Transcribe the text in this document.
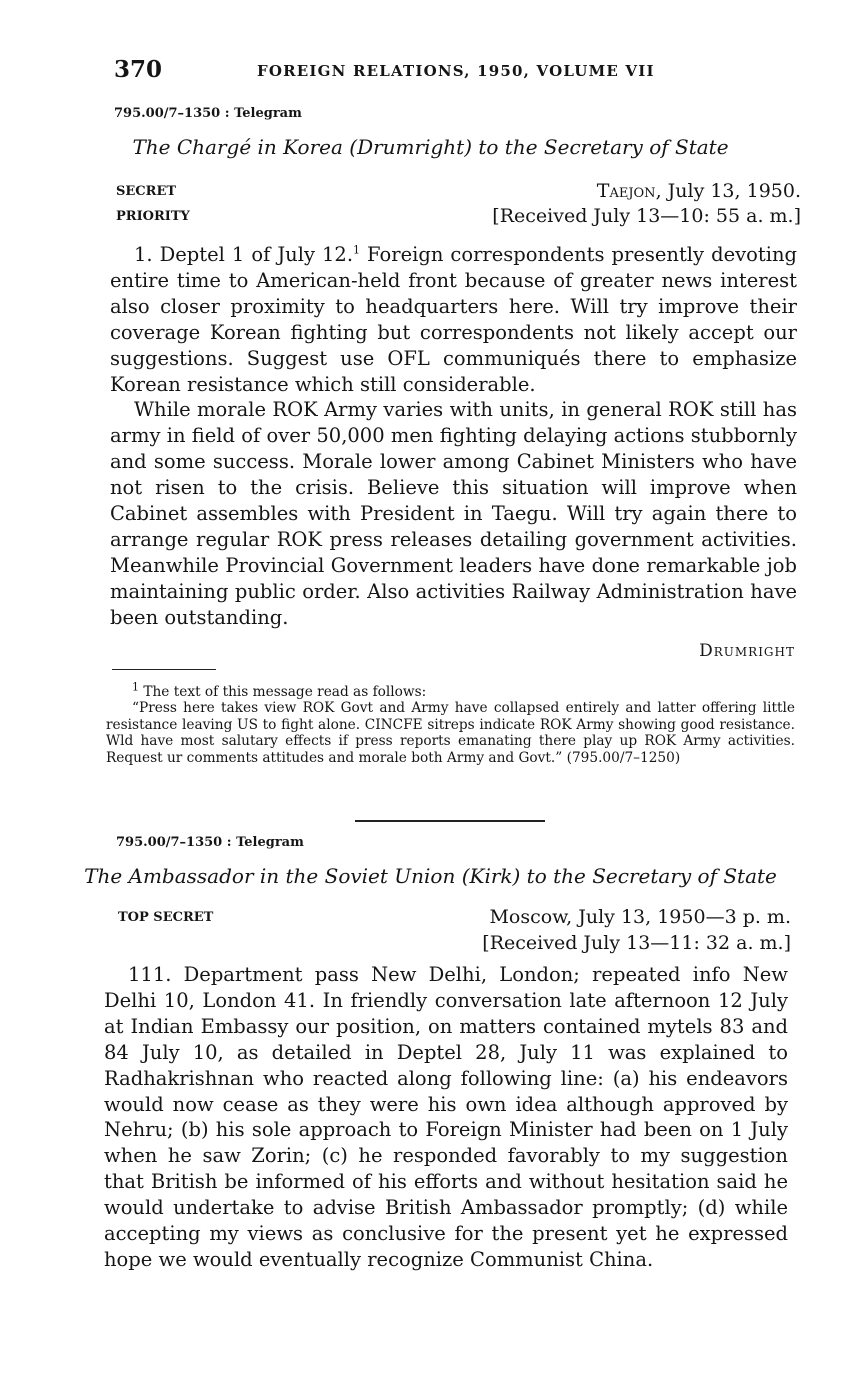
370	FOREIGN RELATIONS, 1950, VOLUME VII
795.00/7–1350 : Telegram
The Chargé in Korea (Drumright) to the Secretary of State
SECRET
PRIORITY
Taejon, July 13, 1950.
[Received July 13—10: 55 a. m.]

1. Deptel 1 of July 12.$^1$ Foreign correspondents presently devoting entire time to American-held front because of greater news interest also closer proximity to headquarters here. Will try improve their coverage Korean fighting but correspondents not likely accept our suggestions. Suggest use OFL communiqués there to emphasize Korean resistance which still considerable.

While morale ROK Army varies with units, in general ROK still has army in field of over 50,000 men fighting delaying actions stubbornly and some success. Morale lower among Cabinet Ministers who have not risen to the crisis. Believe this situation will improve when Cabinet assembles with President in Taegu. Will try again there to arrange regular ROK press releases detailing government activities. Meanwhile Provincial Government leaders have done remarkable job maintaining public order. Also activities Railway Administration have been outstanding.

Drumright

$^1$ The text of this message read as follows:

“Press here takes view ROK Govt and Army have collapsed entirely and latter offering little resistance leaving US to fight alone. CINCFE sitreps indicate ROK Army showing good resistance. Wld have most salutary effects if press reports emanating there play up ROK Army activities. Request ur comments attitudes and morale both Army and Govt.” (795.00/7–1250)

795.00/7–1350 : Telegram
The Ambassador in the Soviet Union (Kirk) to the Secretary of State
TOP SECRET	Moscow, July 13, 1950—3 p. m.
[Received July 13—11: 32 a. m.]

111. Department pass New Delhi, London; repeated info New Delhi 10, London 41. In friendly conversation late afternoon 12 July at Indian Embassy our position, on matters contained mytels 83 and 84 July 10, as detailed in Deptel 28, July 11 was explained to Radhakrishnan who reacted along following line: (a) his endeavors would now cease as they were his own idea although approved by Nehru; (b) his sole approach to Foreign Minister had been on 1 July when he saw Zorin; (c) he responded favorably to my suggestion that British be informed of his efforts and without hesitation said he would undertake to advise British Ambassador promptly; (d) while accepting my views as conclusive for the present yet he expressed hope we would eventually recognize Communist China.
